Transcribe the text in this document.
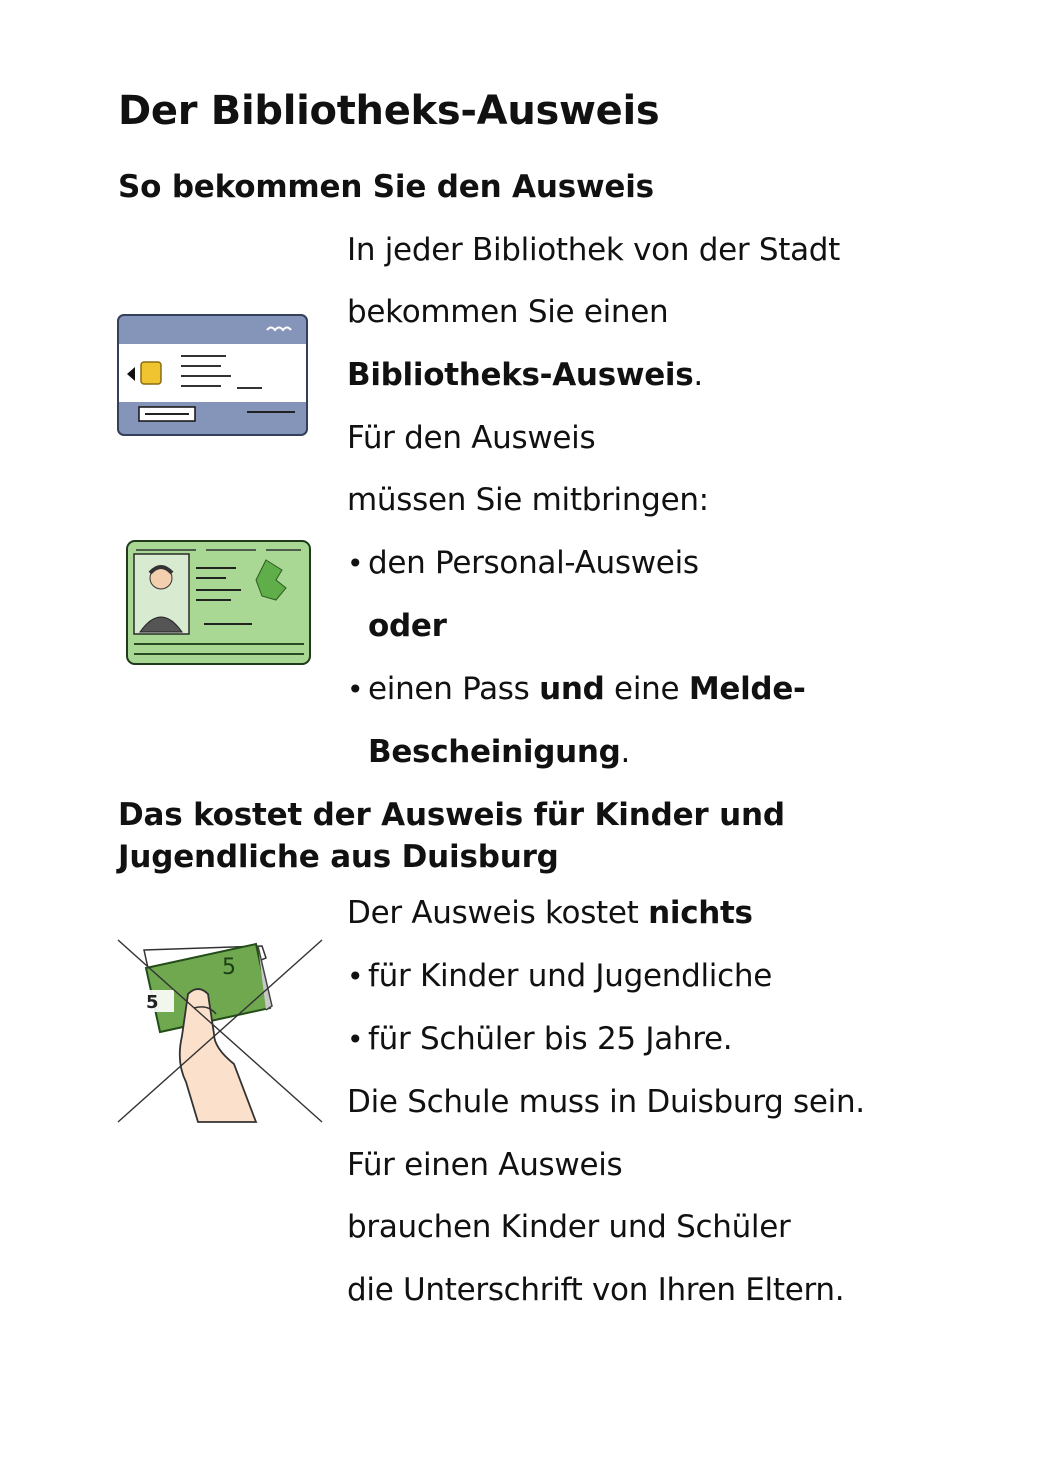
Der Bibliotheks-Ausweis
So bekommen Sie den Ausweis
In jeder Bibliothek von der Stadt
bekommen Sie einen
Bibliotheks-Ausweis.
Für den Ausweis
müssen Sie mitbringen:
• den Personal-Ausweis
oder
• einen Pass und eine Melde-
Bescheinigung.
Das kostet der Ausweis für Kinder und
Jugendliche aus Duisburg
5
5
Der Ausweis kostet nichts
• für Kinder und Jugendliche
• für Schüler bis 25 Jahre.
Die Schule muss in Duisburg sein.
Für einen Ausweis
brauchen Kinder und Schüler
die Unterschrift von Ihren Eltern.
